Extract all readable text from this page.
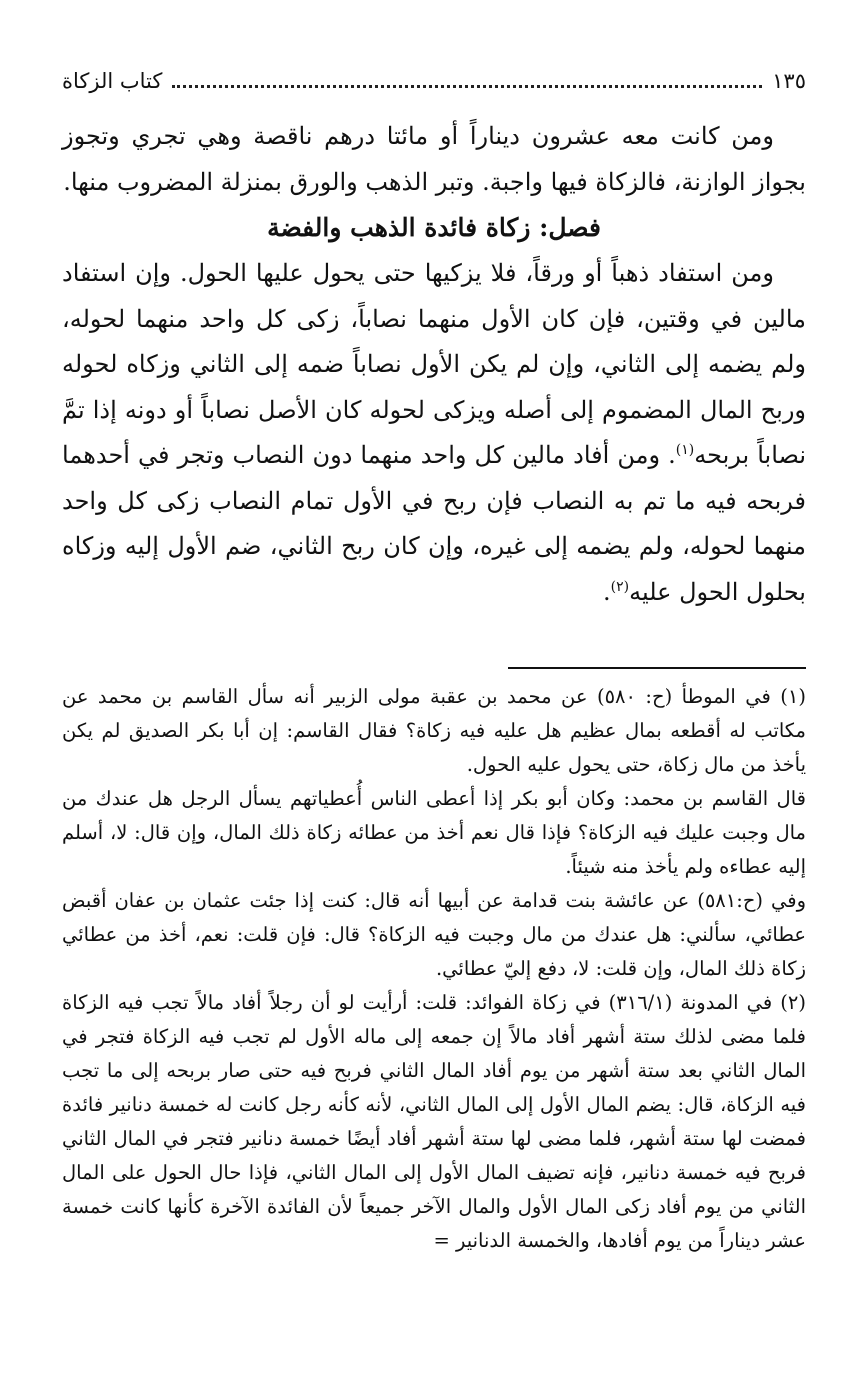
١٣٥
كتاب الزكاة

ومن كانت معه عشرون ديناراً أو مائتا درهم ناقصة وهي تجري وتجوز بجواز الوازنة، فالزكاة فيها واجبة. وتبر الذهب والورق بمنزلة المضروب منها.

فصل: زكاة فائدة الذهب والفضة

ومن استفاد ذهباً أو ورقاً، فلا يزكيها حتى يحول عليها الحول. وإن استفاد مالين في وقتين، فإن كان الأول منهما نصاباً، زكى كل واحد منهما لحوله، ولم يضمه إلى الثاني، وإن لم يكن الأول نصاباً ضمه إلى الثاني وزكاه لحوله وربح المال المضموم إلى أصله ويزكى لحوله كان الأصل نصاباً أو دونه إذا تمَّ نصاباً بربحه$^{(١)}$. ومن أفاد مالين كل واحد منهما دون النصاب وتجر في أحدهما فربحه فيه ما تم به النصاب فإن ربح في الأول تمام النصاب زكى كل واحد منهما لحوله، ولم يضمه إلى غيره، وإن كان ربح الثاني، ضم الأول إليه وزكاه بحلول الحول عليه$^{(٢)}$.

(١) في الموطأ (ح: ٥٨٠) عن محمد بن عقبة مولى الزبير أنه سأل القاسم بن محمد عن مكاتب له أقطعه بمال عظيم هل عليه فيه زكاة؟ فقال القاسم: إن أبا بكر الصديق لم يكن يأخذ من مال زكاة، حتى يحول عليه الحول.

قال القاسم بن محمد: وكان أبو بكر إذا أعطى الناس أُعطياتهم يسأل الرجل هل عندك من مال وجبت عليك فيه الزكاة؟ فإذا قال نعم أخذ من عطائه زكاة ذلك المال، وإن قال: لا، أسلم إليه عطاءه ولم يأخذ منه شيئاً.

وفي (ح:٥٨١) عن عائشة بنت قدامة عن أبيها أنه قال: كنت إذا جئت عثمان بن عفان أقبض عطائي، سألني: هل عندك من مال وجبت فيه الزكاة؟ قال: فإن قلت: نعم، أخذ من عطائي زكاة ذلك المال، وإن قلت: لا، دفع إليّ عطائي.

(٢) في المدونة (٣١٦/١) في زكاة الفوائد: قلت: أرأيت لو أن رجلاً أفاد مالاً تجب فيه الزكاة فلما مضى لذلك ستة أشهر أفاد مالاً إن جمعه إلى ماله الأول لم تجب فيه الزكاة فتجر في المال الثاني بعد ستة أشهر من يوم أفاد المال الثاني فربح فيه حتى صار بربحه إلى ما تجب فيه الزكاة، قال: يضم المال الأول إلى المال الثاني، لأنه كأنه رجل كانت له خمسة دنانير فائدة فمضت لها ستة أشهر، فلما مضى لها ستة أشهر أفاد أيضًا خمسة دنانير فتجر في المال الثاني فربح فيه خمسة دنانير، فإنه تضيف المال الأول إلى المال الثاني، فإذا حال الحول على المال الثاني من يوم أفاد زكى المال الأول والمال الآخر جميعاً لأن الفائدة الآخرة كأنها كانت خمسة عشر ديناراً من يوم أفادها، والخمسة الدنانير =
